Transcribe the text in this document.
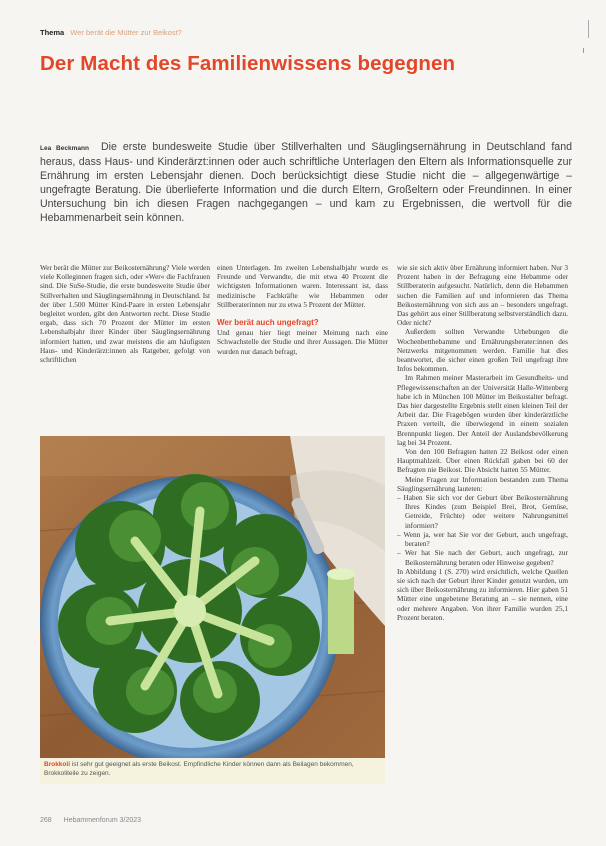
Thema Wer berät die Mütter zur Beikost?
Der Macht des Familienwissens begegnen

Lea Beckmann Die erste bundesweite Studie über Stillverhalten und Säuglingsernährung in Deutschland fand heraus, dass Haus- und Kinderärzt:innen oder auch schriftliche Unterlagen den Eltern als Informationsquelle zur Ernährung im ersten Lebensjahr dienen. Doch berücksichtigt diese Studie nicht die – allgegenwärtige – ungefragte Beratung. Die überlieferte Information und die durch Eltern, Großeltern oder Freundinnen. In einer Untersuchung bin ich diesen Fragen nachgegangen – und kam zu Ergebnissen, die wertvoll für die Hebammenarbeit sein können.

Wer berät die Mütter zur Beikosternährung? Viele werden viele Kolleginnen fragen sich, oder »Wer« die Fachfrauen sind. Die SuSe-Studie, die erste bundesweite Studie über Stillverhalten und Säuglingsernährung in Deutschland. Ist der über 1.500 Mütter Kind-Paare in ersten Lebensjahr begleitet worden, gibt den Antworten recht. Diese Studie ergab, dass sich 70 Prozent der Mütter im ersten Lebenshalbjahr ihrer Kinder über Säuglingsernährung informiert hatten, und zwar meistens die am häufigsten Haus- und Kinderärzt:innen als Ratgeber, gefolgt von schriftlichen

einen Unterlagen. Im zweiten Lebenshalbjahr wurde es Freunde und Verwandte, die mit etwa 40 Prozent die wichtigsten Informationen waren. Interessant ist, dass medizinische Fachkräfte wie Hebammen oder Stillberaterinnen nur zu etwa 5 Prozent der Mütter.

Wer berät auch ungefragt?

Und genau hier liegt meiner Meinung nach eine Schwachstelle der Studie und ihrer Aussagen. Die Mütter wurden nur danach befragt,

wie sie sich aktiv über Ernährung informiert haben. Nur 3 Prozent haben in der Befragung eine Hebamme oder Stillberaterin aufgesucht. Natürlich, denn die Hebammen suchen die Familien auf und informieren das Thema Beikosternährung von sich aus an – besonders ungefragt. Das gehört aus einer Stillberatung selbstverständlich dazu. Oder nicht?

Außerdem sollten Verwandte Urhebungen die Wochenbetthebamme und Ernährungsberater:innen des Netzwerks mitgenommen werden. Familie hat dies beantwortet, die sicher einen großen Teil ungefragt ihre Infos bekommen.

Im Rahmen meiner Masterarbeit im Gesundheits- und Pflegewissenschaften an der Universität Halle-Wittenberg habe ich in München 100 Mütter im Beikostalter befragt. Das hier dargestellte Ergebnis stellt einen kleinen Teil der Arbeit dar. Die Fragebögen wurden über kinderärztliche Praxen verteilt, die überwiegend in einem sozialen Brennpunkt liegen. Der Anteil der Auslandsbevölkerung lag bei 34 Prozent.

Von den 100 Befragten hatten 22 Beikost oder einen Hauptmahlzeit. Über einen Rückfall gaben bei 60 der Befragten nie Beikost. Die Absicht hatten 55 Mütter.

Meine Fragen zur Information bestanden zum Thema Säuglingsernährung lauteten:

– Haben Sie sich vor der Geburt über Beikosternährung Ihres Kindes (zum Beispiel Brei, Brot, Gemüse, Getreide, Früchte) oder weitere Nahrungsmittel informiert?
– Wenn ja, wer hat Sie vor der Geburt, auch ungefragt, beraten?
– Wer hat Sie nach der Geburt, auch ungefragt, zur Beikosternährung beraten oder Hinweise gegeben?

In Abbildung 1 (S. 270) wird ersichtlich, welche Quellen sie sich nach der Geburt ihrer Kinder genutzt wurden, um sich über Beikosternährung zu informieren. Hier gaben 51 Mütter eine ungebetene Beratung an – sie nennen, eine oder mehrere Angaben. Von ihrer Familie wurden 25,1 Prozent beraten.

Brokkoli ist sehr gut geeignet als erste Beikost. Empfindliche Kinder können dann als Beilagen bekommen, Brokkoliteile zu zeigen.

268 Hebammenforum 3/2023
